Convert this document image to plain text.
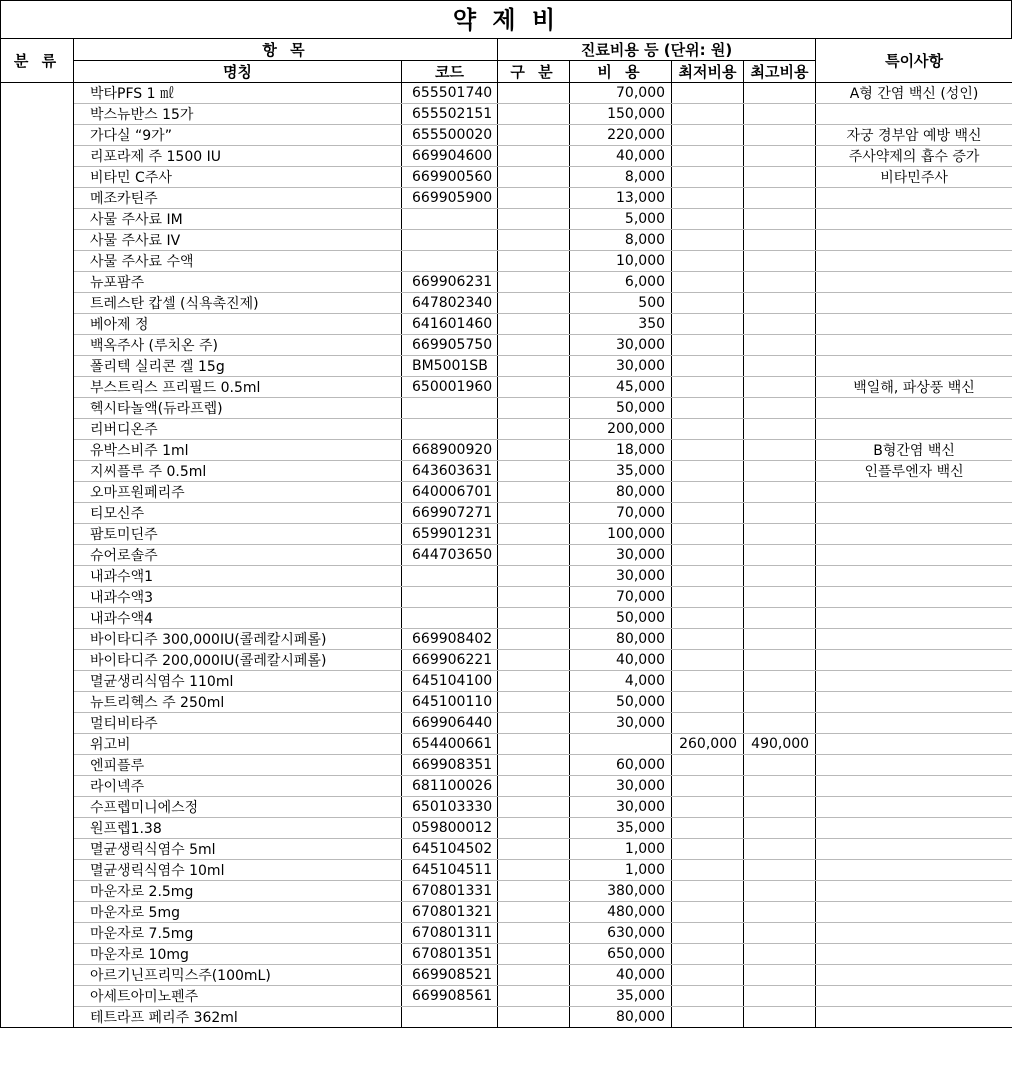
약 제 비
분 류	항 목		진료비용 등 (단위: 원)				특이사항
	명칭	코드	구 분	비 용	최저비용	최고비용	
	박타PFS 1 ㎖	655501740		70,000			A형 간염 백신 (성인)
	박스뉴반스 15가	655502151		150,000			
	가다실 “9가”	655500020		220,000			자궁 경부암 예방 백신
	리포라제 주 1500 IU	669904600		40,000			주사약제의 흡수 증가
	비타민 C주사	669900560		8,000			비타민주사
	메조카틴주	669905900		13,000			
	사물 주사료 IM			5,000			
	사물 주사료 IV			8,000			
	사물 주사료 수액			10,000			
	뉴포팜주	669906231		6,000			
	트레스탄 캅셀 (식욕촉진제)	647802340		500			
	베아제 정	641601460		350			
	백옥주사 (루치온 주)	669905750		30,000			
	폴리텍 실리콘 겔 15g	BM5001SB		30,000			
	부스트릭스 프리필드 0.5ml	650001960		45,000			백일해, 파상풍 백신
	헥시타놀액(듀라프렙)			50,000			
	리버디온주			200,000			
	유박스비주 1ml	668900920		18,000			B형간염 백신
	지씨플루 주 0.5ml	643603631		35,000			인플루엔자 백신
	오마프원페리주	640006701		80,000			
	티모신주	669907271		70,000			
	팜토미딘주	659901231		100,000			
	슈어로솔주	644703650		30,000			
	내과수액1			30,000			
	내과수액3			70,000			
	내과수액4			50,000			
	바이타디주 300,000IU(콜레칼시페롤)	669908402		80,000			
	바이타디주 200,000IU(콜레칼시페롤)	669906221		40,000			
	멸균생리식염수 110ml	645104100		4,000			
	뉴트리헥스 주 250ml	645100110		50,000			
	멀티비타주	669906440		30,000			
	위고비	654400661			260,000	490,000	
	엔피플루	669908351		60,000			
	라이넥주	681100026		30,000			
	수프렙미니에스정	650103330		30,000			
	원프렙1.38	059800012		35,000			
	멸균생릭식염수 5ml	645104502		1,000			
	멸균생릭식염수 10ml	645104511		1,000			
	마운자로 2.5mg	670801331		380,000			
	마운자로 5mg	670801321		480,000			
	마운자로 7.5mg	670801311		630,000			
	마운자로 10mg	670801351		650,000			
	아르기닌프리믹스주(100mL)	669908521		40,000			
	아세트아미노펜주	669908561		35,000			
	테트라프 페리주 362ml			80,000			
